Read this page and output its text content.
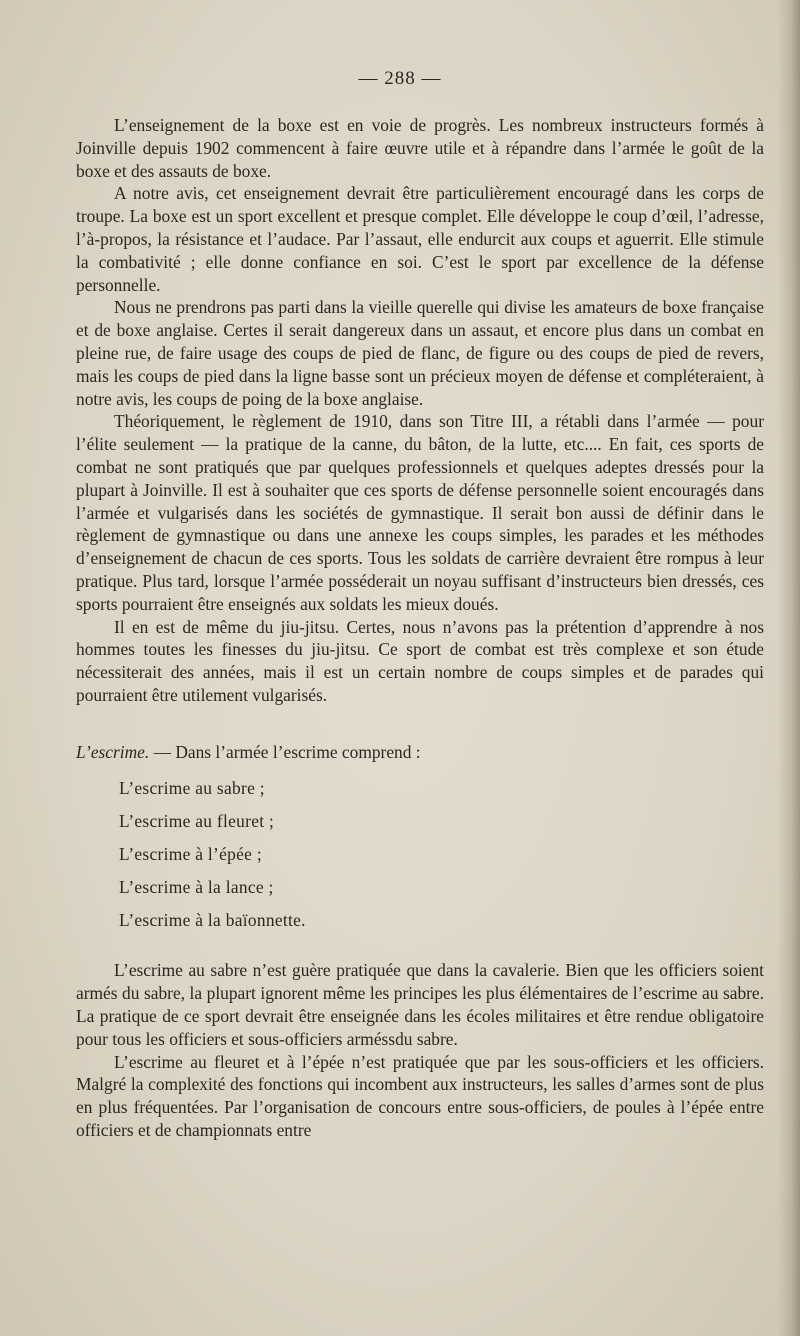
— 288 —

L’enseignement de la boxe est en voie de progrès. Les nombreux instructeurs formés à Joinville depuis 1902 commencent à faire œuvre utile et à répandre dans l’armée le goût de la boxe et des assauts de boxe.

A notre avis, cet enseignement devrait être particulièrement encouragé dans les corps de troupe. La boxe est un sport excellent et presque complet. Elle développe le coup d’œil, l’adresse, l’à-propos, la résistance et l’audace. Par l’assaut, elle endurcit aux coups et aguerrit. Elle stimule la combativité ; elle donne confiance en soi. C’est le sport par excellence de la défense personnelle.

Nous ne prendrons pas parti dans la vieille querelle qui divise les amateurs de boxe française et de boxe anglaise. Certes il serait dangereux dans un assaut, et encore plus dans un combat en pleine rue, de faire usage des coups de pied de flanc, de figure ou des coups de pied de revers, mais les coups de pied dans la ligne basse sont un précieux moyen de défense et compléteraient, à notre avis, les coups de poing de la boxe anglaise.

Théoriquement, le règlement de 1910, dans son Titre III, a rétabli dans l’armée — pour l’élite seulement — la pratique de la canne, du bâton, de la lutte, etc.... En fait, ces sports de combat ne sont pratiqués que par quelques professionnels et quelques adeptes dressés pour la plupart à Joinville. Il est à souhaiter que ces sports de défense personnelle soient encouragés dans l’armée et vulgarisés dans les sociétés de gymnastique. Il serait bon aussi de définir dans le règlement de gymnastique ou dans une annexe les coups simples, les parades et les méthodes d’enseignement de chacun de ces sports. Tous les soldats de carrière devraient être rompus à leur pratique. Plus tard, lorsque l’armée posséderait un noyau suffisant d’instructeurs bien dressés, ces sports pourraient être enseignés aux soldats les mieux doués.

Il en est de même du jiu-jitsu. Certes, nous n’avons pas la prétention d’apprendre à nos hommes toutes les finesses du jiu-jitsu. Ce sport de combat est très complexe et son étude nécessiterait des années, mais il est un certain nombre de coups simples et de parades qui pourraient être utilement vulgarisés.

L’escrime. — Dans l’armée l’escrime comprend :
L’escrime au sabre ;
L’escrime au fleuret ;
L’escrime à l’épée ;
L’escrime à la lance ;
L’escrime à la baïonnette.

L’escrime au sabre n’est guère pratiquée que dans la cavalerie. Bien que les officiers soient armés du sabre, la plupart ignorent même les principes les plus élémentaires de l’escrime au sabre. La pratique de ce sport devrait être enseignée dans les écoles militaires et être rendue obligatoire pour tous les officiers et sous-officiers arméssdu sabre.

L’escrime au fleuret et à l’épée n’est pratiquée que par les sous-officiers et les officiers. Malgré la complexité des fonctions qui incombent aux instructeurs, les salles d’armes sont de plus en plus fréquentées. Par l’organisation de concours entre sous-officiers, de poules à l’épée entre officiers et de championnats entre
